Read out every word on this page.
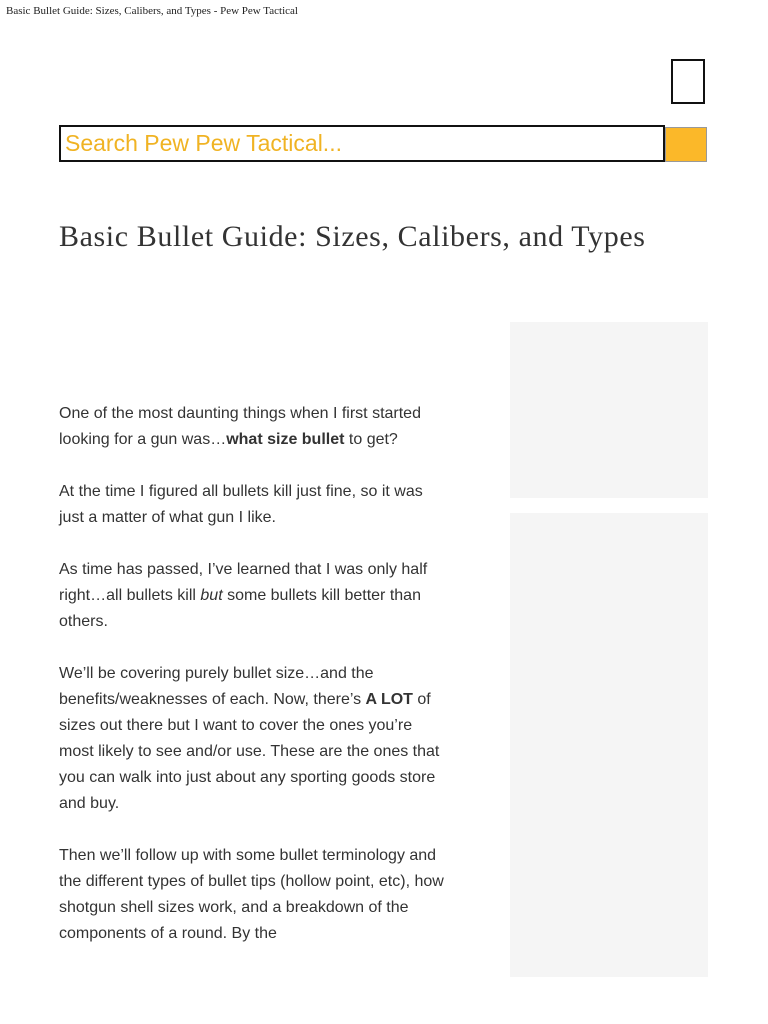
Basic Bullet Guide: Sizes, Calibers, and Types - Pew Pew Tactical
Search Pew Pew Tactical...
Basic Bullet Guide: Sizes, Calibers, and Types

One of the most daunting things when I first started looking for a gun was…what size bullet to get?

At the time I figured all bullets kill just fine, so it was just a matter of what gun I like.

As time has passed, I’ve learned that I was only half right…all bullets kill but some bullets kill better than others.

We’ll be covering purely bullet size…and the benefits/weaknesses of each. Now, there’s A LOT of sizes out there but I want to cover the ones you’re most likely to see and/or use. These are the ones that you can walk into just about any sporting goods store and buy.

Then we’ll follow up with some bullet terminology and the different types of bullet tips (hollow point, etc), how shotgun shell sizes work, and a breakdown of the components of a round. By the
